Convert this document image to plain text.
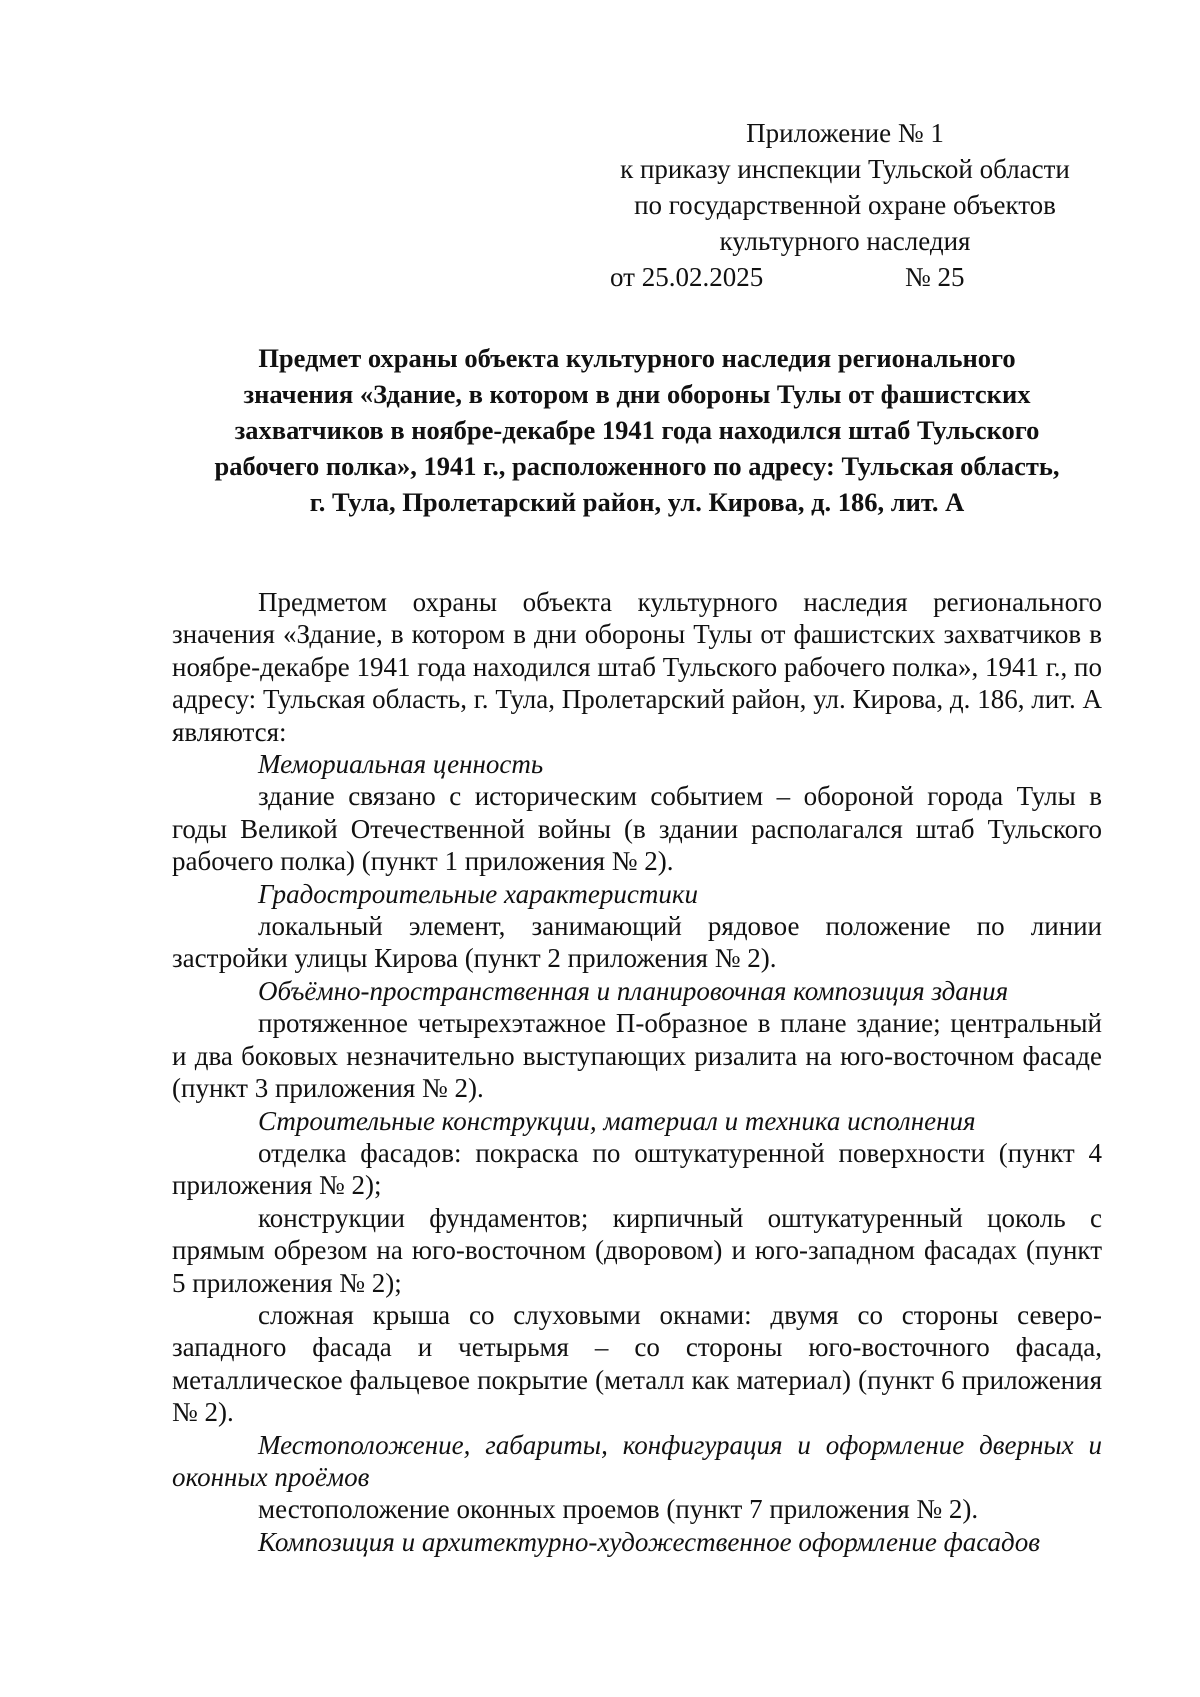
Приложение № 1
к приказу инспекции Тульской области
по государственной охране объектов
культурного наследия
от 25.02.2025	№ 25
Предмет охраны объекта культурного наследия регионального
значения «Здание, в котором в дни обороны Тулы от фашистских
захватчиков в ноябре-декабре 1941 года находился штаб Тульского
рабочего полка», 1941 г., расположенного по адресу: Тульская область,
г. Тула, Пролетарский район, ул. Кирова, д. 186, лит. А

Предметом охраны объекта культурного наследия регионального значения «Здание, в котором в дни обороны Тулы от фашистских захватчиков в ноябре-декабре 1941 года находился штаб Тульского рабочего полка», 1941 г., по адресу: Тульская область, г. Тула, Пролетарский район, ул. Кирова, д. 186, лит. А являются:

Мемориальная ценность

здание связано с историческим событием – обороной города Тулы в годы Великой Отечественной войны (в здании располагался штаб Тульского рабочего полка) (пункт 1 приложения № 2).

Градостроительные характеристики

локальный элемент, занимающий рядовое положение по линии застройки улицы Кирова (пункт 2 приложения № 2).

Объёмно-пространственная и планировочная композиция здания

протяженное четырехэтажное П-образное в плане здание; центральный и два боковых незначительно выступающих ризалита на юго-восточном фасаде (пункт 3 приложения № 2).

Строительные конструкции, материал и техника исполнения

отделка фасадов: покраска по оштукатуренной поверхности (пункт 4 приложения № 2);

конструкции фундаментов; кирпичный оштукатуренный цоколь с прямым обрезом на юго-восточном (дворовом) и юго-западном фасадах (пункт 5 приложения № 2);

сложная крыша со слуховыми окнами: двумя со стороны северо-западного фасада и четырьмя – со стороны юго-восточного фасада, металлическое фальцевое покрытие (металл как материал) (пункт 6 приложения № 2).

Местоположение, габариты, конфигурация и оформление дверных и оконных проёмов

местоположение оконных проемов (пункт 7 приложения № 2).

Композиция и архитектурно-художественное оформление фасадов
